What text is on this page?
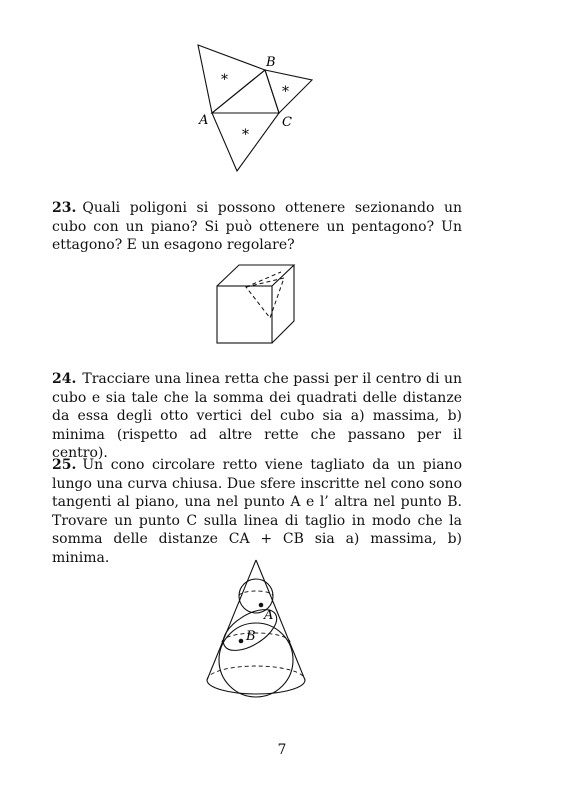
B
A	C
*
*
*

23. Quali poligoni si possono ottenere sezionando un cubo con un piano? Si può ottenere un pentagono? Un ettagono? E un esagono regolare?

24. Tracciare una linea retta che passi per il centro di un cubo e sia tale che la somma dei quadrati delle distanze da essa degli otto vertici del cubo sia a) massima, b) minima (rispetto ad altre rette che passano per il centro).

25. Un cono circolare retto viene tagliato da un piano lungo una curva chiusa. Due sfere inscritte nel cono sono tangenti al piano, una nel punto A e l’ altra nel punto B. Trovare un punto C sulla linea di taglio in modo che la somma delle distanze CA + CB sia a) massima, b) minima.

A
B
7
